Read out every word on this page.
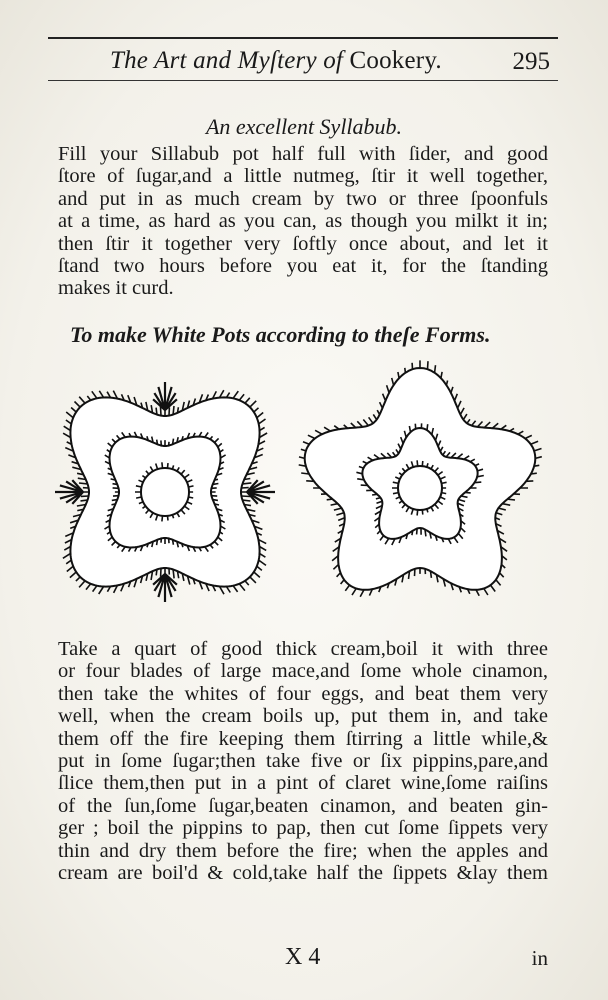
The Art and Myſtery of Cookery.	295
An excellent Syllabub.
Fill your Sillabub pot half full with ſider, and good
ſtore of ſugar,and a little nutmeg, ſtir it well together,
and put in as much cream by two or three ſpoonfuls
at a time, as hard as you can, as though you milkt it in;
then ſtir it together very ſoftly once about, and let it
ſtand two hours before you eat it, for the ſtanding
makes it curd.
To make White Pots according to theſe Forms.
Take a quart of good thick cream,boil it with three
or four blades of large mace,and ſome whole cinamon,
then take the whites of four eggs, and beat them very
well, when the cream boils up, put them in, and take
them off the fire keeping them ſtirring a little while,&
put in ſome ſugar;then take five or ſix pippins,pare,and
ſlice them,then put in a pint of claret wine,ſome raiſins
of the ſun,ſome ſugar,beaten cinamon, and beaten gin-
ger ; boil the pippins to pap, then cut ſome ſippets very
thin and dry them before the fire; when the apples and
cream are boil'd & cold,take half the ſippets &lay them
X 4	in
